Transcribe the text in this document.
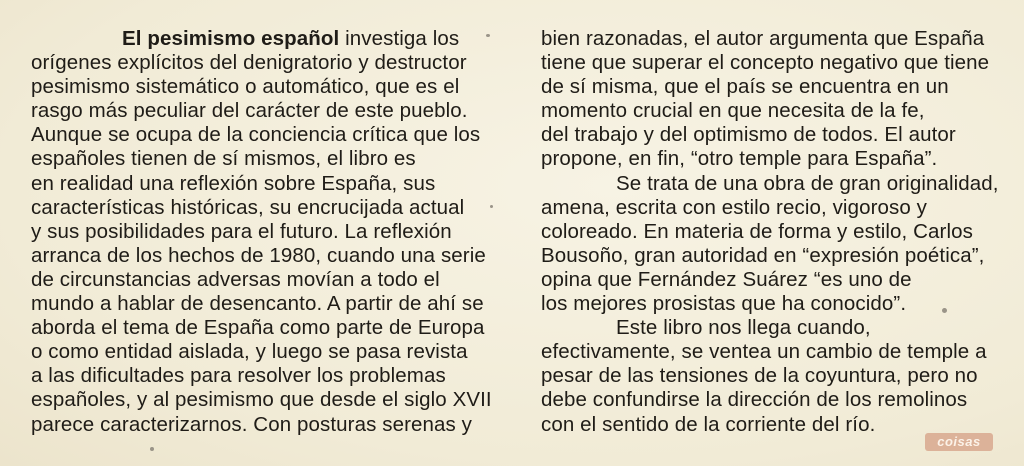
El pesimismo español investiga los
orígenes explícitos del denigratorio y destructor
pesimismo sistemático o automático, que es el
rasgo más peculiar del carácter de este pueblo.
Aunque se ocupa de la conciencia crítica que los
españoles tienen de sí mismos, el libro es
en realidad una reflexión sobre España, sus
características históricas, su encrucijada actual
y sus posibilidades para el futuro. La reflexión
arranca de los hechos de 1980, cuando una serie
de circunstancias adversas movían a todo el
mundo a hablar de desencanto. A partir de ahí se
aborda el tema de España como parte de Europa
o como entidad aislada, y luego se pasa revista
a las dificultades para resolver los problemas
españoles, y al pesimismo que desde el siglo XVII
parece caracterizarnos. Con posturas serenas y
bien razonadas, el autor argumenta que España
tiene que superar el concepto negativo que tiene
de sí misma, que el país se encuentra en un
momento crucial en que necesita de la fe,
del trabajo y del optimismo de todos. El autor
propone, en fin, “otro temple para España”.
Se trata de una obra de gran originalidad,
amena, escrita con estilo recio, vigoroso y
coloreado. En materia de forma y estilo, Carlos
Bousoño, gran autoridad en “expresión poética”,
opina que Fernández Suárez “es uno de
los mejores prosistas que ha conocido”.
Este libro nos llega cuando,
efectivamente, se ventea un cambio de temple a
pesar de las tensiones de la coyuntura, pero no
debe confundirse la dirección de los remolinos
con el sentido de la corriente del río.
coisas
